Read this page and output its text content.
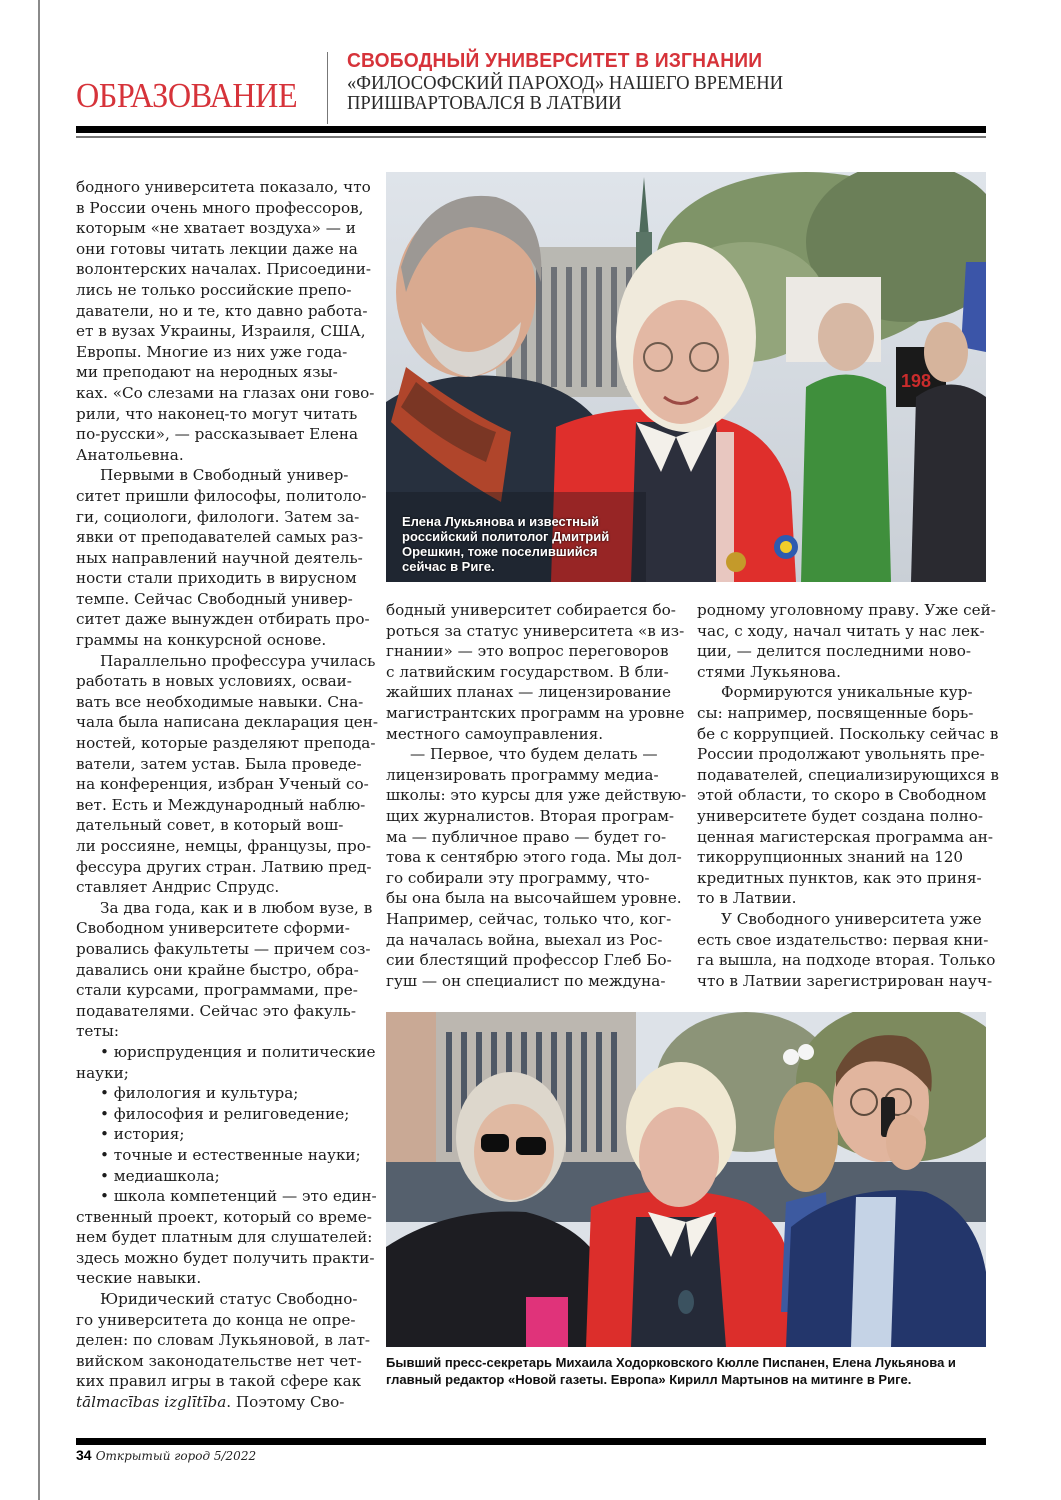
ОБРАЗОВАНИЕ
СВОБОДНЫЙ УНИВЕРСИТЕТ В ИЗГНАНИИ
«ФИЛОСОФСКИЙ ПАРОХОД» НАШЕГО ВРЕМЕНИ
ПРИШВАРТОВАЛСЯ В ЛАТВИИ

бодного университета показало, что
в России очень много профессоров,
которым «не хватает воздуха» — и
они готовы читать лекции даже на
волонтерских началах. Присоедини-
лись не только российские препо-
даватели, но и те, кто давно работа-
ет в вузах Украины, Израиля, США,
Европы. Многие из них уже года-
ми преподают на неродных язы-
ках. «Со слезами на глазах они гово-
рили, что наконец-то могут читать
по-русски», — рассказывает Елена
Анатольевна.

Первыми в Свободный универ-
ситет пришли философы, политоло-
ги, социологи, филологи. Затем за-
явки от преподавателей самых раз-
ных направлений научной деятель-
ности стали приходить в вирусном
темпе. Сейчас Свободный универ-
ситет даже вынужден отбирать про-
граммы на конкурсной основе.

Параллельно профессура училась
работать в новых условиях, осваи-
вать все необходимые навыки. Сна-
чала была написана декларация цен-
ностей, которые разделяют препода-
ватели, затем устав. Была проведе-
на конференция, избран Ученый со-
вет. Есть и Международный наблю-
дательный совет, в который вош-
ли россияне, немцы, французы, про-
фессура других стран. Латвию пред-
ставляет Андрис Спрудс.

За два года, как и в любом вузе, в
Свободном университете сформи-
ровались факультеты — причем соз-
давались они крайне быстро, обра-
стали курсами, программами, пре-
подавателями. Сейчас это факуль-
теты:

• юриспруденция и политические
науки;
• филология и культура;
• философия и религоведение;
• история;
• точные и естественные науки;
• медиашкола;
• школа компетенций — это един-
ственный проект, который со време-
нем будет платным для слушателей:
здесь можно будет получить практи-
ческие навыки.

Юридический статус Свободно-
го университета до конца не опре-
делен: по словам Лукьяновой, в лат-
вийском законодательстве нет чет-
ких правил игры в такой сфере как

tālmacības izglītība. Поэтому Сво-
198
Елена Лукьянова и известный
российский политолог Дмитрий
Орешкин, тоже поселившийся
сейчас в Риге.

бодный университет собирается бо-
роться за статус университета «в из-
гнании» — это вопрос переговоров
с латвийским государством. В бли-
жайших планах — лицензирование
магистрантских программ на уровне
местного самоуправления.

— Первое, что будем делать —
лицензировать программу медиа-
школы: это курсы для уже действую-
щих журналистов. Вторая програм-
ма — публичное право — будет го-
това к сентябрю этого года. Мы дол-
го собирали эту программу, что-
бы она была на высочайшем уровне.
Например, сейчас, только что, ког-
да началась война, выехал из Рос-
сии блестящий профессор Глеб Бо-
гуш — он специалист по междуна-

родному уголовному праву. Уже сей-
час, с ходу, начал читать у нас лек-
ции, — делится последними ново-
стями Лукьянова.

Формируются уникальные кур-
сы: например, посвященные борь-
бе с коррупцией. Поскольку сейчас в
России продолжают увольнять пре-
подавателей, специализирующихся в
этой области, то скоро в Свободном
университете будет создана полно-
ценная магистерская программа ан-
тикоррупционных знаний на 120
кредитных пунктов, как это приня-
то в Латвии.

У Свободного университета уже
есть свое издательство: первая кни-
га вышла, на подходе вторая. Только
что в Латвии зарегистрирован науч-

Бывший пресс-секретарь Михаила Ходорковского Кюлле Писпанен, Елена Лукьянова и главный редактор «Новой газеты. Европа» Кирилл Мартынов на митинге в Риге.
34 Открытый город 5/2022
